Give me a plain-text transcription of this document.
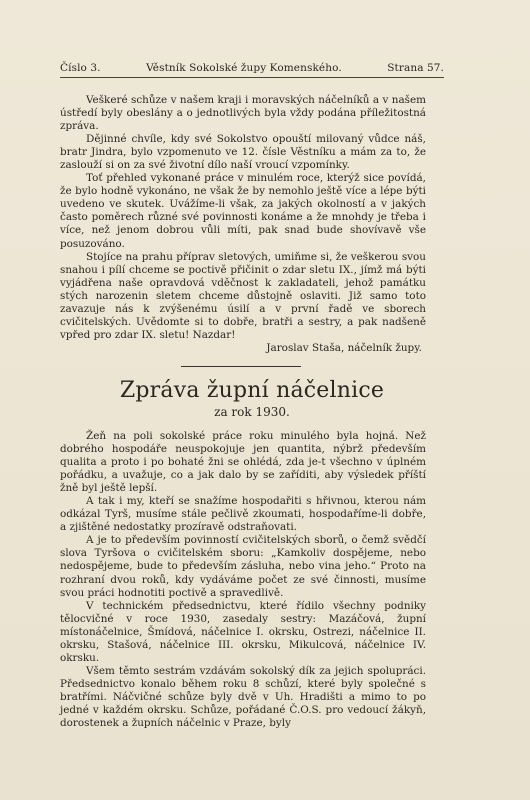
Číslo 3.	Věstník Sokolské župy Komenského.	Strana 57.

Veškeré schůze v našem kraji i moravských náčelníků a v našem ústředí byly obeslány a o jednotlivých byla vždy podána příležitostná zpráva.

Dějinné chvíle, kdy své Sokolstvo opouští milovaný vůdce náš, bratr Jindra, bylo vzpomenuto ve 12. čísle Věstníku a mám za to, že zaslouží si on za své životní dílo naší vroucí vzpomínky.

Toť přehled vykonané práce v minulém roce, kterýž sice povídá, že bylo hodně vykonáno, ne však že by nemohlo ještě více a lépe býti uvedeno ve skutek. Uvážíme-li však, za jakých okolností a v jakých často poměrech různé své povinnosti konáme a že mnohdy je třeba i více, než jenom dobrou vůli míti, pak snad bude shovívavě vše posuzováno.

Stojíce na prahu příprav sletových, umiňme si, že veškerou svou snahou i pílí chceme se poctivě přičinit o zdar sletu IX., jímž má býti vyjádřena naše opravdová vděčnost k zakladateli, jehož památku stých narozenin sletem chceme důstojně oslaviti. Již samo toto zavazuje nás k zvýšenému úsilí a v první řadě ve sborech cvičitelských. Uvědomte si to dobře, bratři a sestry, a pak nadšeně vpřed pro zdar IX. sletu! Nazdar!

Jaroslav Staša, náčelník župy.

Zpráva župní náčelnice
za rok 1930.

Žeň na poli sokolské práce roku minulého byla hojná. Než dobrého hospodáře neuspokojuje jen quantita, nýbrž především qualita a proto i po bohaté žni se ohlédá, zda je-t všechno v úplném pořádku, a uvažuje, co a jak dalo by se zaříditi, aby výsledek příští žně byl ještě lepší.

A tak i my, kteří se snažíme hospodařiti s hřivnou, kterou nám odkázal Tyrš, musíme stále pečlivě zkoumati, hospodaříme-li dobře, a zjištěné nedostatky prozíravě odstraňovati.

A je to především povinností cvičitelských sborů, o čemž svědčí slova Tyršova o cvičitelském sboru: „Kamkoliv dospějeme, nebo nedospějeme, bude to především zásluha, nebo vina jeho.“ Proto na rozhraní dvou roků, kdy vydáváme počet ze své činnosti, musíme svou práci hodnotiti poctivě a spravedlivě.

V technickém předsednictvu, které řídilo všechny podniky tělocvičné v roce 1930, zasedaly sestry: Mazáčová, župní místonáčelnice, Šmídová, náčelnice I. okrsku, Ostrezi, náčelnice II. okrsku, Stašová, náčelnice III. okrsku, Mikulcová, náčelnice IV. okrsku.

Všem těmto sestrám vzdávám sokolský dík za jejich spolupráci. Předsednictvo konalo během roku 8 schůzí, které byly společné s bratřími. Náčvičné schůze byly dvě v Uh. Hradišti a mimo to po jedné v každém okrsku. Schůze, pořádané Č.O.S. pro vedoucí žákyň, dorostenek a župních náčelnic v Praze, byly
